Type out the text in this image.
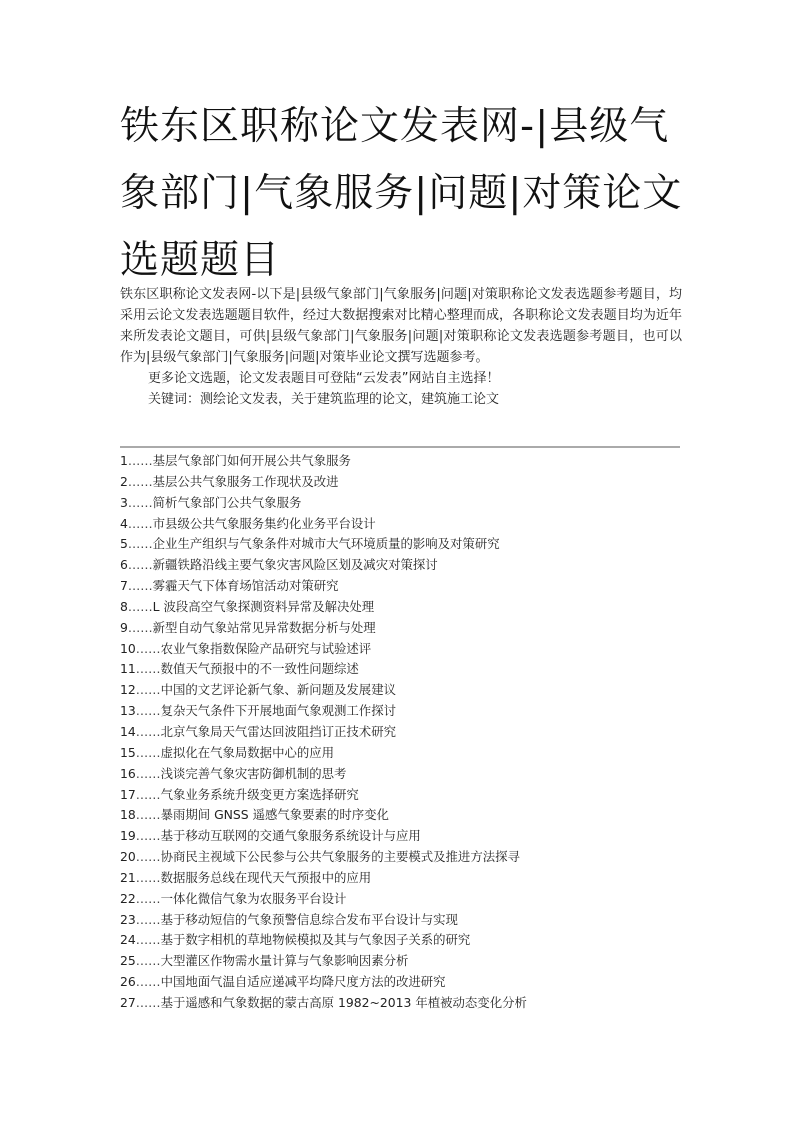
铁东区职称论文发表网-|县级气象部门|气象服务|问题|对策论文选题题目

铁东区职称论文发表网-以下是|县级气象部门|气象服务|问题|对策职称论文发表选题参考题目，均采用云论文发表选题题目软件，经过大数据搜索对比精心整理而成，各职称论文发表题目均为近年来所发表论文题目，可供|县级气象部门|气象服务|问题|对策职称论文发表选题参考题目，也可以作为|县级气象部门|气象服务|问题|对策毕业论文撰写选题参考。

更多论文选题，论文发表题目可登陆“云发表”网站自主选择！

关键词：测绘论文发表，关于建筑监理的论文，建筑施工论文

1……基层气象部门如何开展公共气象服务
2……基层公共气象服务工作现状及改进
3……简析气象部门公共气象服务
4……市县级公共气象服务集约化业务平台设计
5……企业生产组织与气象条件对城市大气环境质量的影响及对策研究
6……新疆铁路沿线主要气象灾害风险区划及减灾对策探讨
7……雾霾天气下体育场馆活动对策研究
8……L 波段高空气象探测资料异常及解决处理
9……新型自动气象站常见异常数据分析与处理
10……农业气象指数保险产品研究与试验述评
11……数值天气预报中的不一致性问题综述
12……中国的文艺评论新气象、新问题及发展建议
13……复杂天气条件下开展地面气象观测工作探讨
14……北京气象局天气雷达回波阻挡订正技术研究
15……虚拟化在气象局数据中心的应用
16……浅谈完善气象灾害防御机制的思考
17……气象业务系统升级变更方案选择研究
18……暴雨期间 GNSS 遥感气象要素的时序变化
19……基于移动互联网的交通气象服务系统设计与应用
20……协商民主视域下公民参与公共气象服务的主要模式及推进方法探寻
21……数据服务总线在现代天气预报中的应用
22……一体化微信气象为农服务平台设计
23……基于移动短信的气象预警信息综合发布平台设计与实现
24……基于数字相机的草地物候模拟及其与气象因子关系的研究
25……大型灌区作物需水量计算与气象影响因素分析
26……中国地面气温自适应递减平均降尺度方法的改进研究
27……基于遥感和气象数据的蒙古高原 1982~2013 年植被动态变化分析
